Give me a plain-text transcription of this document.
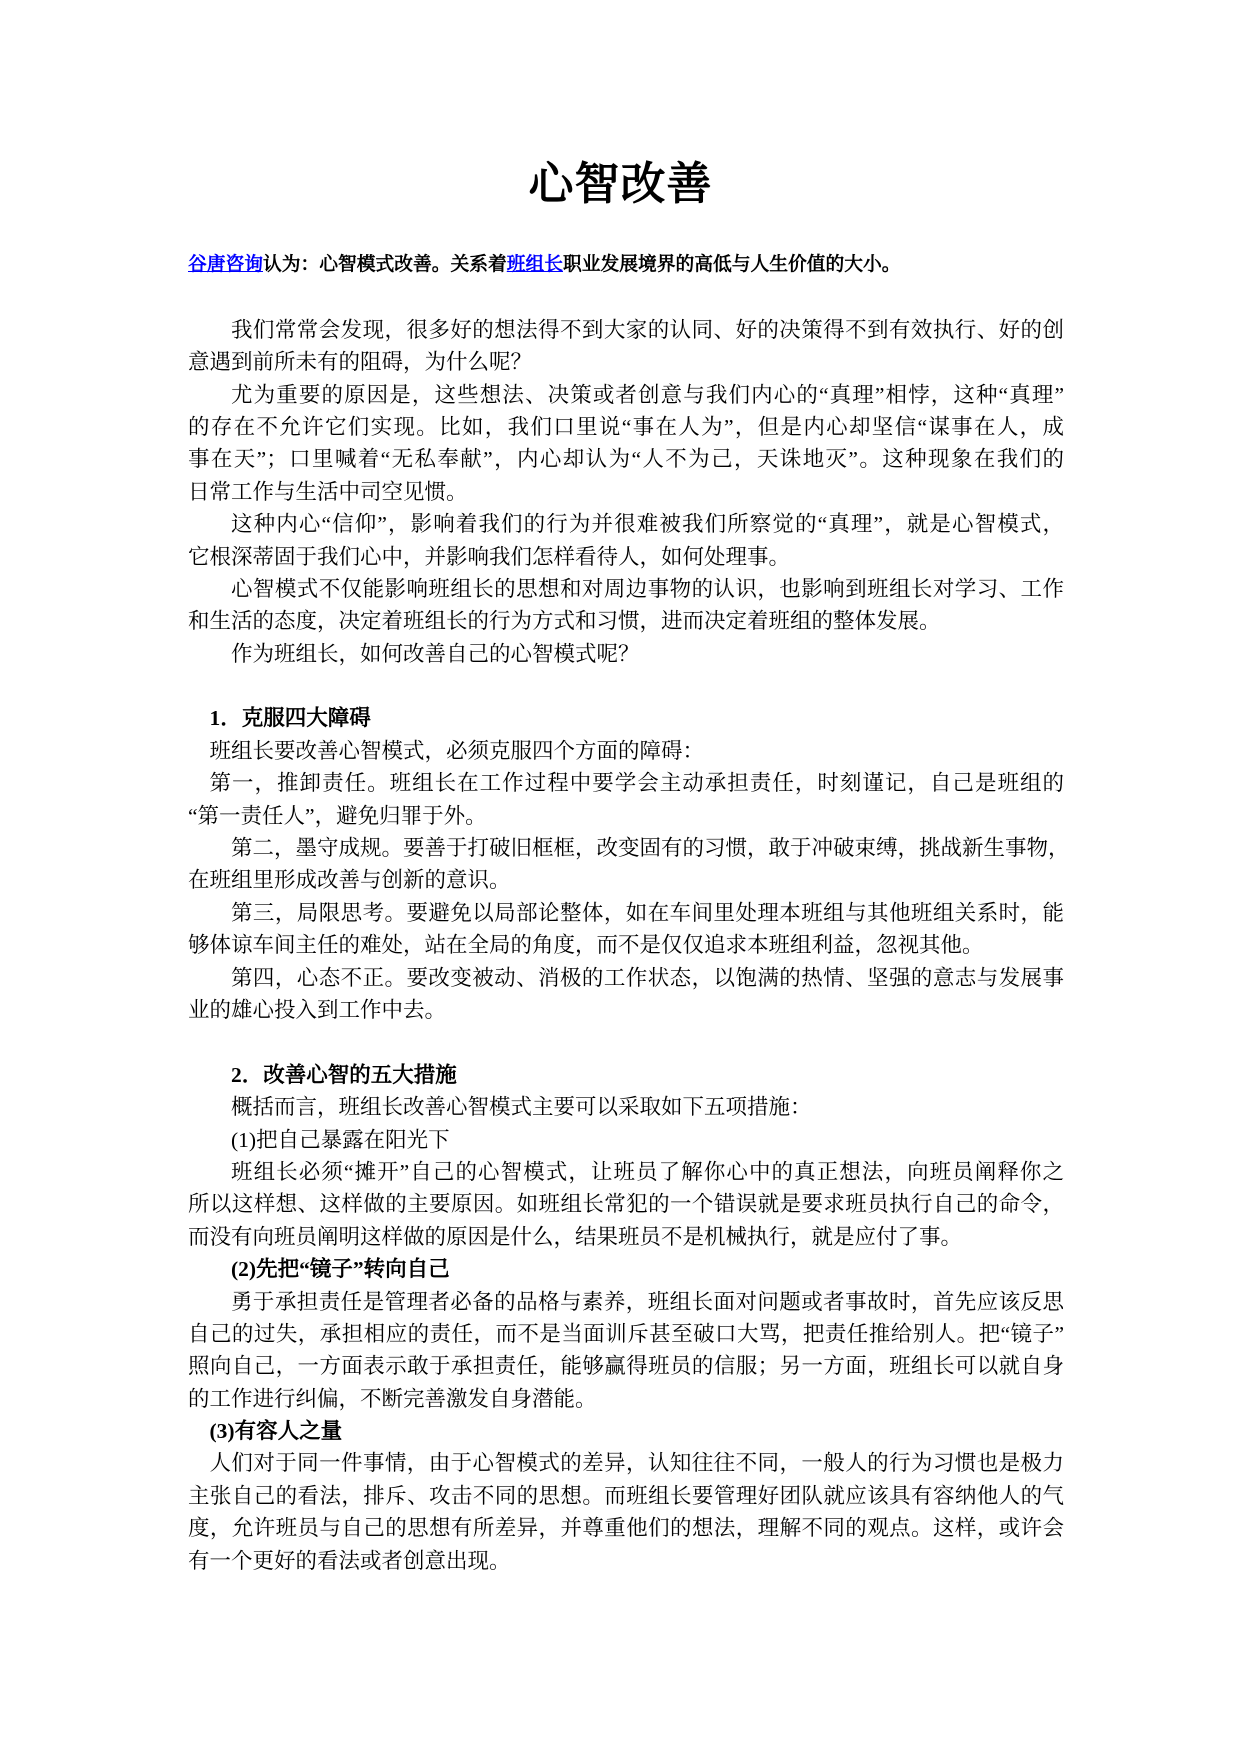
心智改善
谷唐咨询认为：心智模式改善。关系着班组长职业发展境界的高低与人生价值的大小。
我们常常会发现，很多好的想法得不到大家的认同、好的决策得不到有效执行、好的创
意遇到前所未有的阻碍，为什么呢？
尤为重要的原因是，这些想法、决策或者创意与我们内心的“真理”相悖，这种“真理”
的存在不允许它们实现。比如，我们口里说“事在人为”，但是内心却坚信“谋事在人，成
事在天”；口里喊着“无私奉献”，内心却认为“人不为己，天诛地灭”。这种现象在我们的
日常工作与生活中司空见惯。
这种内心“信仰”，影响着我们的行为并很难被我们所察觉的“真理”，就是心智模式，
它根深蒂固于我们心中，并影响我们怎样看待人，如何处理事。
心智模式不仅能影响班组长的思想和对周边事物的认识，也影响到班组长对学习、工作
和生活的态度，决定着班组长的行为方式和习惯，进而决定着班组的整体发展。
作为班组长，如何改善自己的心智模式呢？
1．克服四大障碍
班组长要改善心智模式，必须克服四个方面的障碍：
第一，推卸责任。班组长在工作过程中要学会主动承担责任，时刻谨记，自己是班组的
“第一责任人”，避免归罪于外。
第二，墨守成规。要善于打破旧框框，改变固有的习惯，敢于冲破束缚，挑战新生事物，
在班组里形成改善与创新的意识。
第三，局限思考。要避免以局部论整体，如在车间里处理本班组与其他班组关系时，能
够体谅车间主任的难处，站在全局的角度，而不是仅仅追求本班组利益，忽视其他。
第四，心态不正。要改变被动、消极的工作状态，以饱满的热情、坚强的意志与发展事
业的雄心投入到工作中去。
2．改善心智的五大措施
概括而言，班组长改善心智模式主要可以采取如下五项措施：
(1)把自己暴露在阳光下
班组长必须“摊开”自己的心智模式，让班员了解你心中的真正想法，向班员阐释你之
所以这样想、这样做的主要原因。如班组长常犯的一个错误就是要求班员执行自己的命令，
而没有向班员阐明这样做的原因是什么，结果班员不是机械执行，就是应付了事。
(2)先把“镜子”转向自己
勇于承担责任是管理者必备的品格与素养，班组长面对问题或者事故时，首先应该反思
自己的过失，承担相应的责任，而不是当面训斥甚至破口大骂，把责任推给别人。把“镜子”
照向自己，一方面表示敢于承担责任，能够赢得班员的信服；另一方面，班组长可以就自身
的工作进行纠偏，不断完善激发自身潜能。
(3)有容人之量
人们对于同一件事情，由于心智模式的差异，认知往往不同，一般人的行为习惯也是极力
主张自己的看法，排斥、攻击不同的思想。而班组长要管理好团队就应该具有容纳他人的气
度，允许班员与自己的思想有所差异，并尊重他们的想法，理解不同的观点。这样，或许会
有一个更好的看法或者创意出现。
